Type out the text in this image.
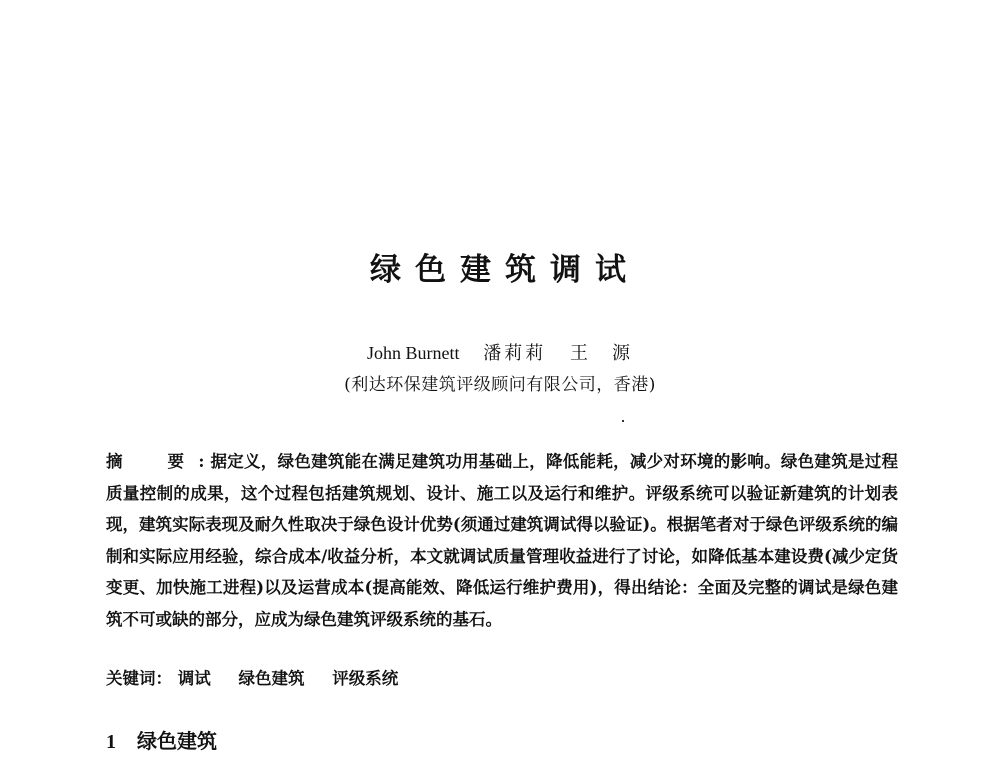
绿色建筑调试
John Burnett 潘莉莉 王　源
(利达环保建筑评级顾问有限公司，香港)
摘　要: 据定义，绿色建筑能在满足建筑功用基础上，降低能耗，减少对环境的影响。绿色建筑是过程质量控制的成果，这个过程包括建筑规划、设计、施工以及运行和维护。评级系统可以验证新建筑的计划表现，建筑实际表现及耐久性取决于绿色设计优势(须通过建筑调试得以验证)。根据笔者对于绿色评级系统的编制和实际应用经验，综合成本/收益分析，本文就调试质量管理收益进行了讨论，如降低基本建设费(减少定货变更、加快施工进程)以及运营成本(提高能效、降低运行维护费用)，得出结论：全面及完整的调试是绿色建筑不可或缺的部分，应成为绿色建筑评级系统的基石。
关键词： 调试 绿色建筑 评级系统
1 绿色建筑
